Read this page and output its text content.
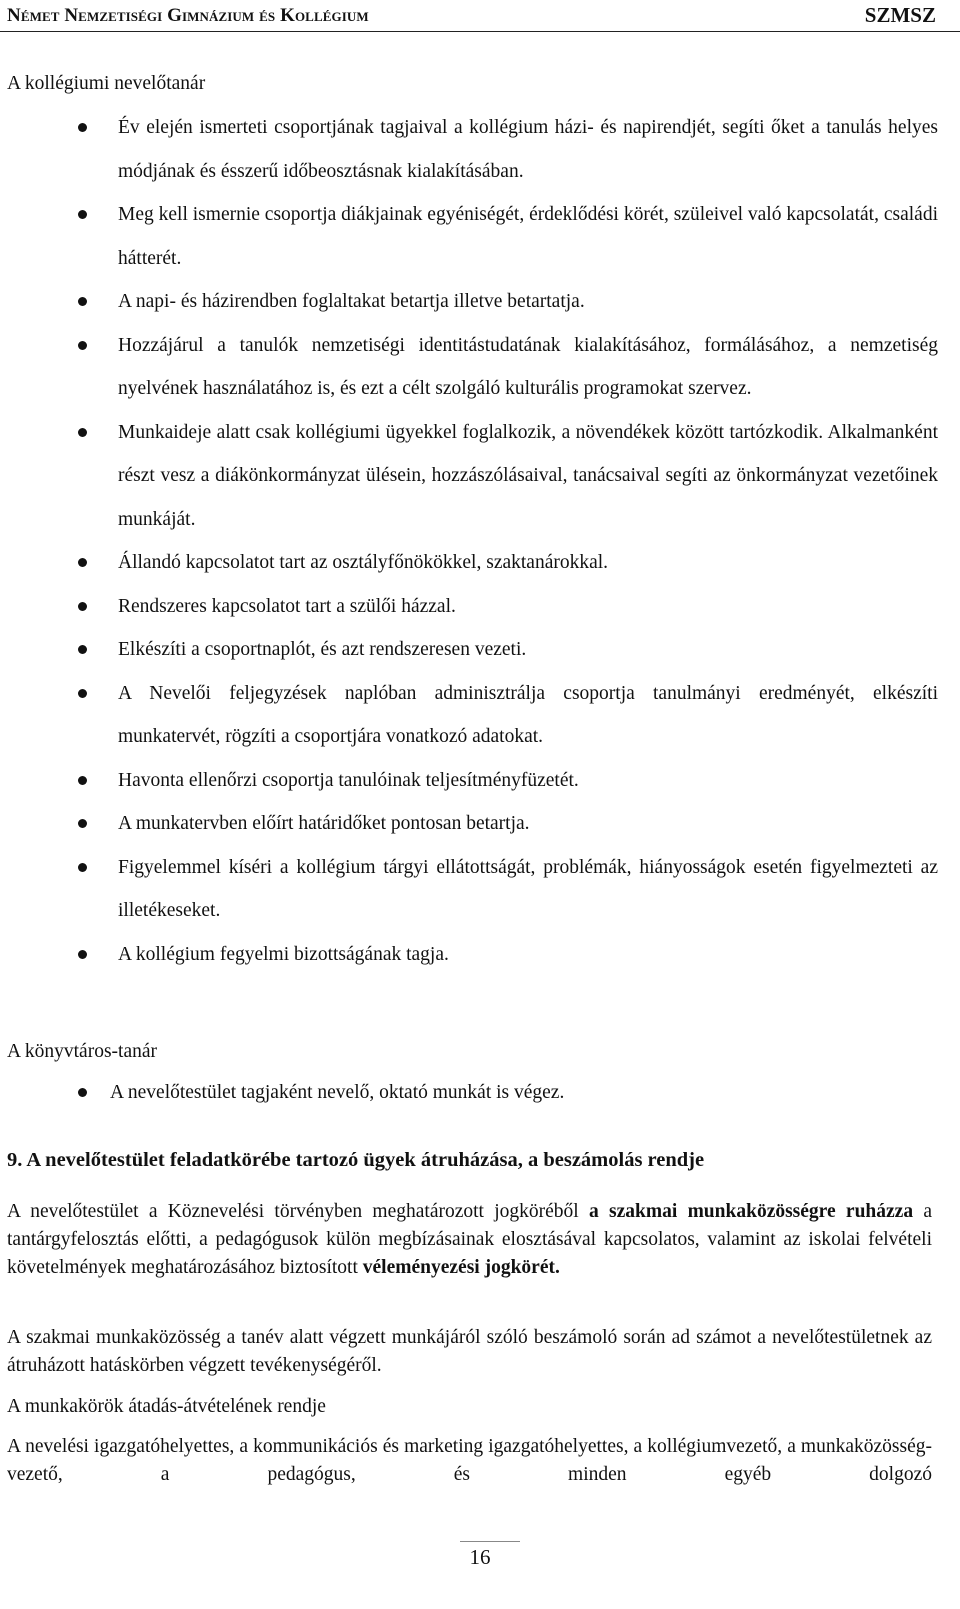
Német Nemzetiségi Gimnázium és Kollégium	SZMSZ

A kollégiumi nevelőtanár

Év elején ismerteti csoportjának tagjaival a kollégium házi- és napirendjét, segíti őket a tanulás helyes módjának és ésszerű időbeosztásnak kialakításában.
Meg kell ismernie csoportja diákjainak egyéniségét, érdeklődési körét, szüleivel való kapcsolatát, családi hátterét.
A napi- és házirendben foglaltakat betartja illetve betartatja.
Hozzájárul a tanulók nemzetiségi identitástudatának kialakításához, formálásához, a nemzetiség nyelvének használatához is, és ezt a célt szolgáló kulturális programokat szervez.
Munkaideje alatt csak kollégiumi ügyekkel foglalkozik, a növendékek között tartózkodik. Alkalmanként részt vesz a diákönkormányzat ülésein, hozzászólásaival, tanácsaival segíti az önkormányzat vezetőinek munkáját.
Állandó kapcsolatot tart az osztályfőnökökkel, szaktanárokkal.
Rendszeres kapcsolatot tart a szülői házzal.
Elkészíti a csoportnaplót, és azt rendszeresen vezeti.
A Nevelői feljegyzések naplóban adminisztrálja csoportja tanulmányi eredményét, elkészíti munkatervét, rögzíti a csoportjára vonatkozó adatokat.
Havonta ellenőrzi csoportja tanulóinak teljesítményfüzetét.
A munkatervben előírt határidőket pontosan betartja.
Figyelemmel kíséri a kollégium tárgyi ellátottságát, problémák, hiányosságok esetén figyelmezteti az illetékeseket.
A kollégium fegyelmi bizottságának tagja.

A könyvtáros-tanár

A nevelőtestület tagjaként nevelő, oktató munkát is végez.

9. A nevelőtestület feladatkörébe tartozó ügyek átruházása, a beszámolás rendje

A nevelőtestület a Köznevelési törvényben meghatározott jogköréből a szakmai munkaközösségre ruházza a tantárgyfelosztás előtti, a pedagógusok külön megbízásainak elosztásával kapcsolatos, valamint az iskolai felvételi követelmények meghatározásához biztosított véleményezési jogkörét.

A szakmai munkaközösség a tanév alatt végzett munkájáról szóló beszámoló során ad számot a nevelőtestületnek az átruházott hatáskörben végzett tevékenységéről.

A munkakörök átadás-átvételének rendje

A nevelési igazgatóhelyettes, a kommunikációs és marketing igazgatóhelyettes, a kollégiumvezető, a munkaközösség-vezető, a pedagógus, és minden egyéb dolgozó

16
